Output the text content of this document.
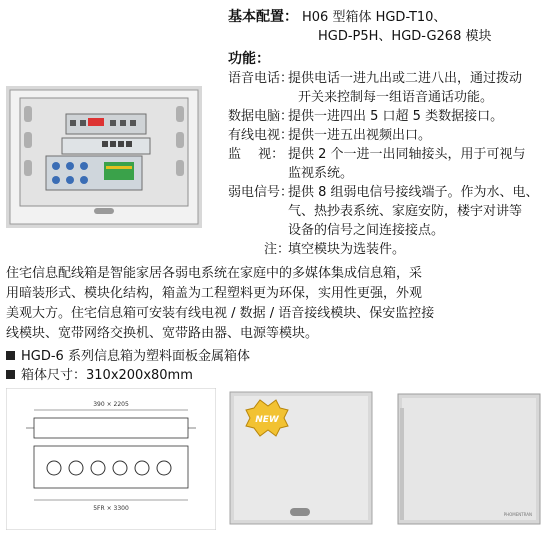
基本配置： H06 型箱体 HGD-T10、
HGD-P5H、HGD-G268 模块
功能：
语音电话：
提供电话一进九出或二进八出，通过拨动
开关来控制每一组语音通话功能。
数据电脑：
提供一进四出 5 口超 5 类数据接口。
有线电视：
提供一进五出视频出口。
监　 视： 提供 2 个一进一出同轴接头，用于可视与
监视系统。
弱电信号：
提供 8 组弱电信号接线端子。作为水、电、
气、热抄表系统、家庭安防，楼宇对讲等
设备的信号之间连接接点。
注：
填空模块为选装件。
住宅信息配线箱是智能家居各弱电系统在家庭中的多媒体集成信息箱，采
用暗装形式、模块化结构，箱盖为工程塑料更为环保，实用性更强，外观
美观大方。住宅信息箱可安装有线电视 / 数据 / 语音接线模块、保安监控接
线模块、宽带网络交换机、宽带路由器、电源等模块。
HGD-6 系列信息箱为塑料面板金属箱体
箱体尺寸：310x200x80mm
390 × 2205
5FR × 3300
NEW
PHOMENTRAN
